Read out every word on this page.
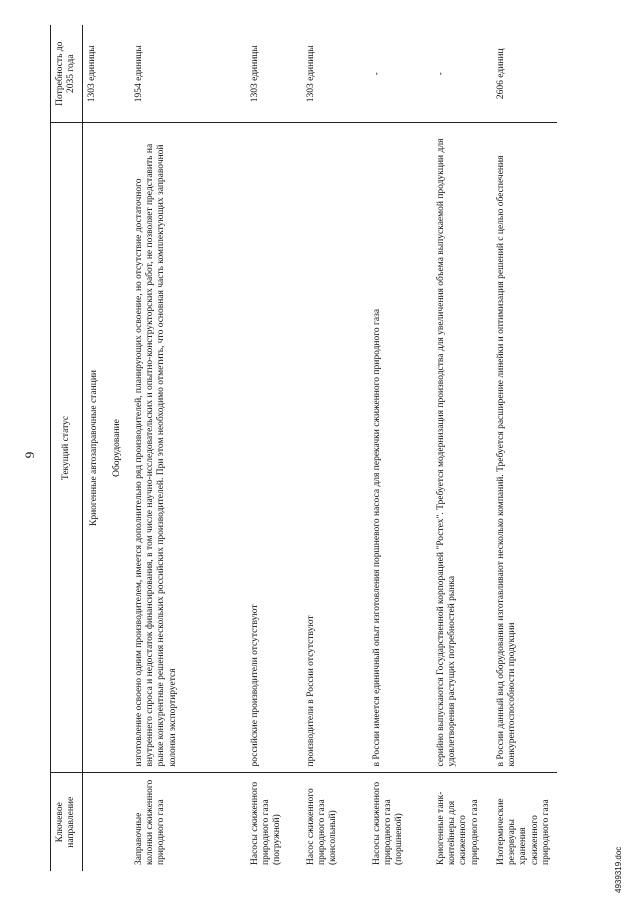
9
Ключевое направление	Текущий статус	Потребность до 2035 года
	Криогенные автозаправочные станции	1303 единицы
	Оборудование	
Заправочные колонки сжиженного природного газа	изготовление освоено одним производителем, имеется дополнительно ряд производителей, планирующих освоение, но отсутствие достаточного внутреннего спроса и недостаток финансирования, в том числе научно-исследовательских и опытно-конструкторских работ, не позволяет представить на рынке конкурентные решения нескольких российских производителей. При этом необходимо отметить, что основная часть комплектующих заправочной колонки экспортируется	1954 единицы
Насосы сжиженного природного газа (погружной)	российские производители отсутствуют	1303 единицы
Насос сжиженного природного газа (консольный)	производители в России отсутствуют	1303 единицы
Насосы сжиженного природного газа (поршневой)	в России имеется единичный опыт изготовления поршневого насоса для перекачки сжиженного природного газа	-
Криогенные танк-контейнеры для сжиженного природного газа	серийно выпускаются Государственной корпорацией "Ростех". Требуется модернизация производства для увеличения объема выпускаемой продукции для удовлетворения растущих потребностей рынка	-
Изотермические резервуары хранения сжиженного природного газа	в России данный вид оборудования изготавливают несколько компаний. Требуется расширение линейки и оптимизация решений с целью обеспечения конкурентоспособности продукции	2606 единиц
4939319.doc
